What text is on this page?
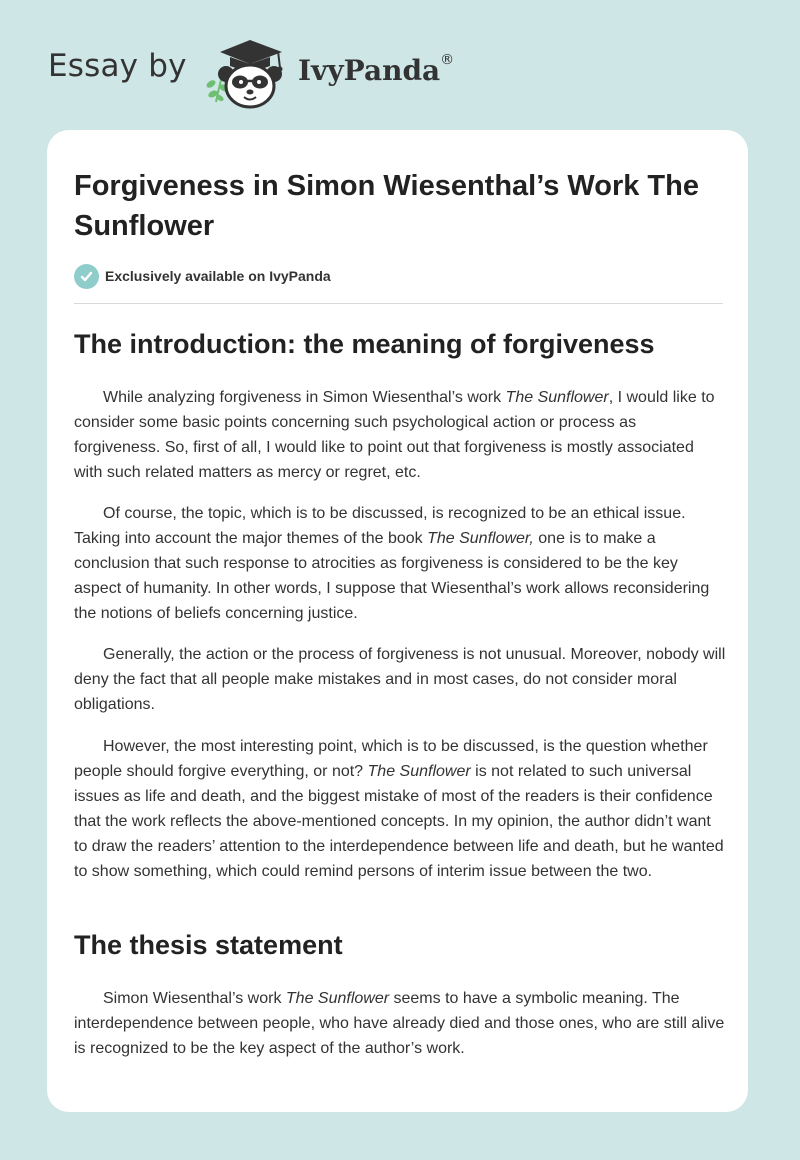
Essay by	IvyPanda®
Forgiveness in Simon Wiesenthal’s Work The Sunflower
Exclusively available on IvyPanda
The introduction: the meaning of forgiveness

While analyzing forgiveness in Simon Wiesenthal’s work The Sunflower, I would like to consider some basic points concerning such psychological action or process as forgiveness. So, first of all, I would like to point out that forgiveness is mostly associated with such related matters as mercy or regret, etc.

Of course, the topic, which is to be discussed, is recognized to be an ethical issue. Taking into account the major themes of the book The Sunflower, one is to make a conclusion that such response to atrocities as forgiveness is considered to be the key aspect of humanity. In other words, I suppose that Wiesenthal’s work allows reconsidering the notions of beliefs concerning justice.

Generally, the action or the process of forgiveness is not unusual. Moreover, nobody will deny the fact that all people make mistakes and in most cases, do not consider moral obligations.

However, the most interesting point, which is to be discussed, is the question whether people should forgive everything, or not? The Sunflower is not related to such universal issues as life and death, and the biggest mistake of most of the readers is their confidence that the work reflects the above-mentioned concepts. In my opinion, the author didn’t want to draw the readers’ attention to the interdependence between life and death, but he wanted to show something, which could remind persons of interim issue between the two.

The thesis statement

Simon Wiesenthal’s work The Sunflower seems to have a symbolic meaning. The interdependence between people, who have already died and those ones, who are still alive is recognized to be the key aspect of the author’s work.
